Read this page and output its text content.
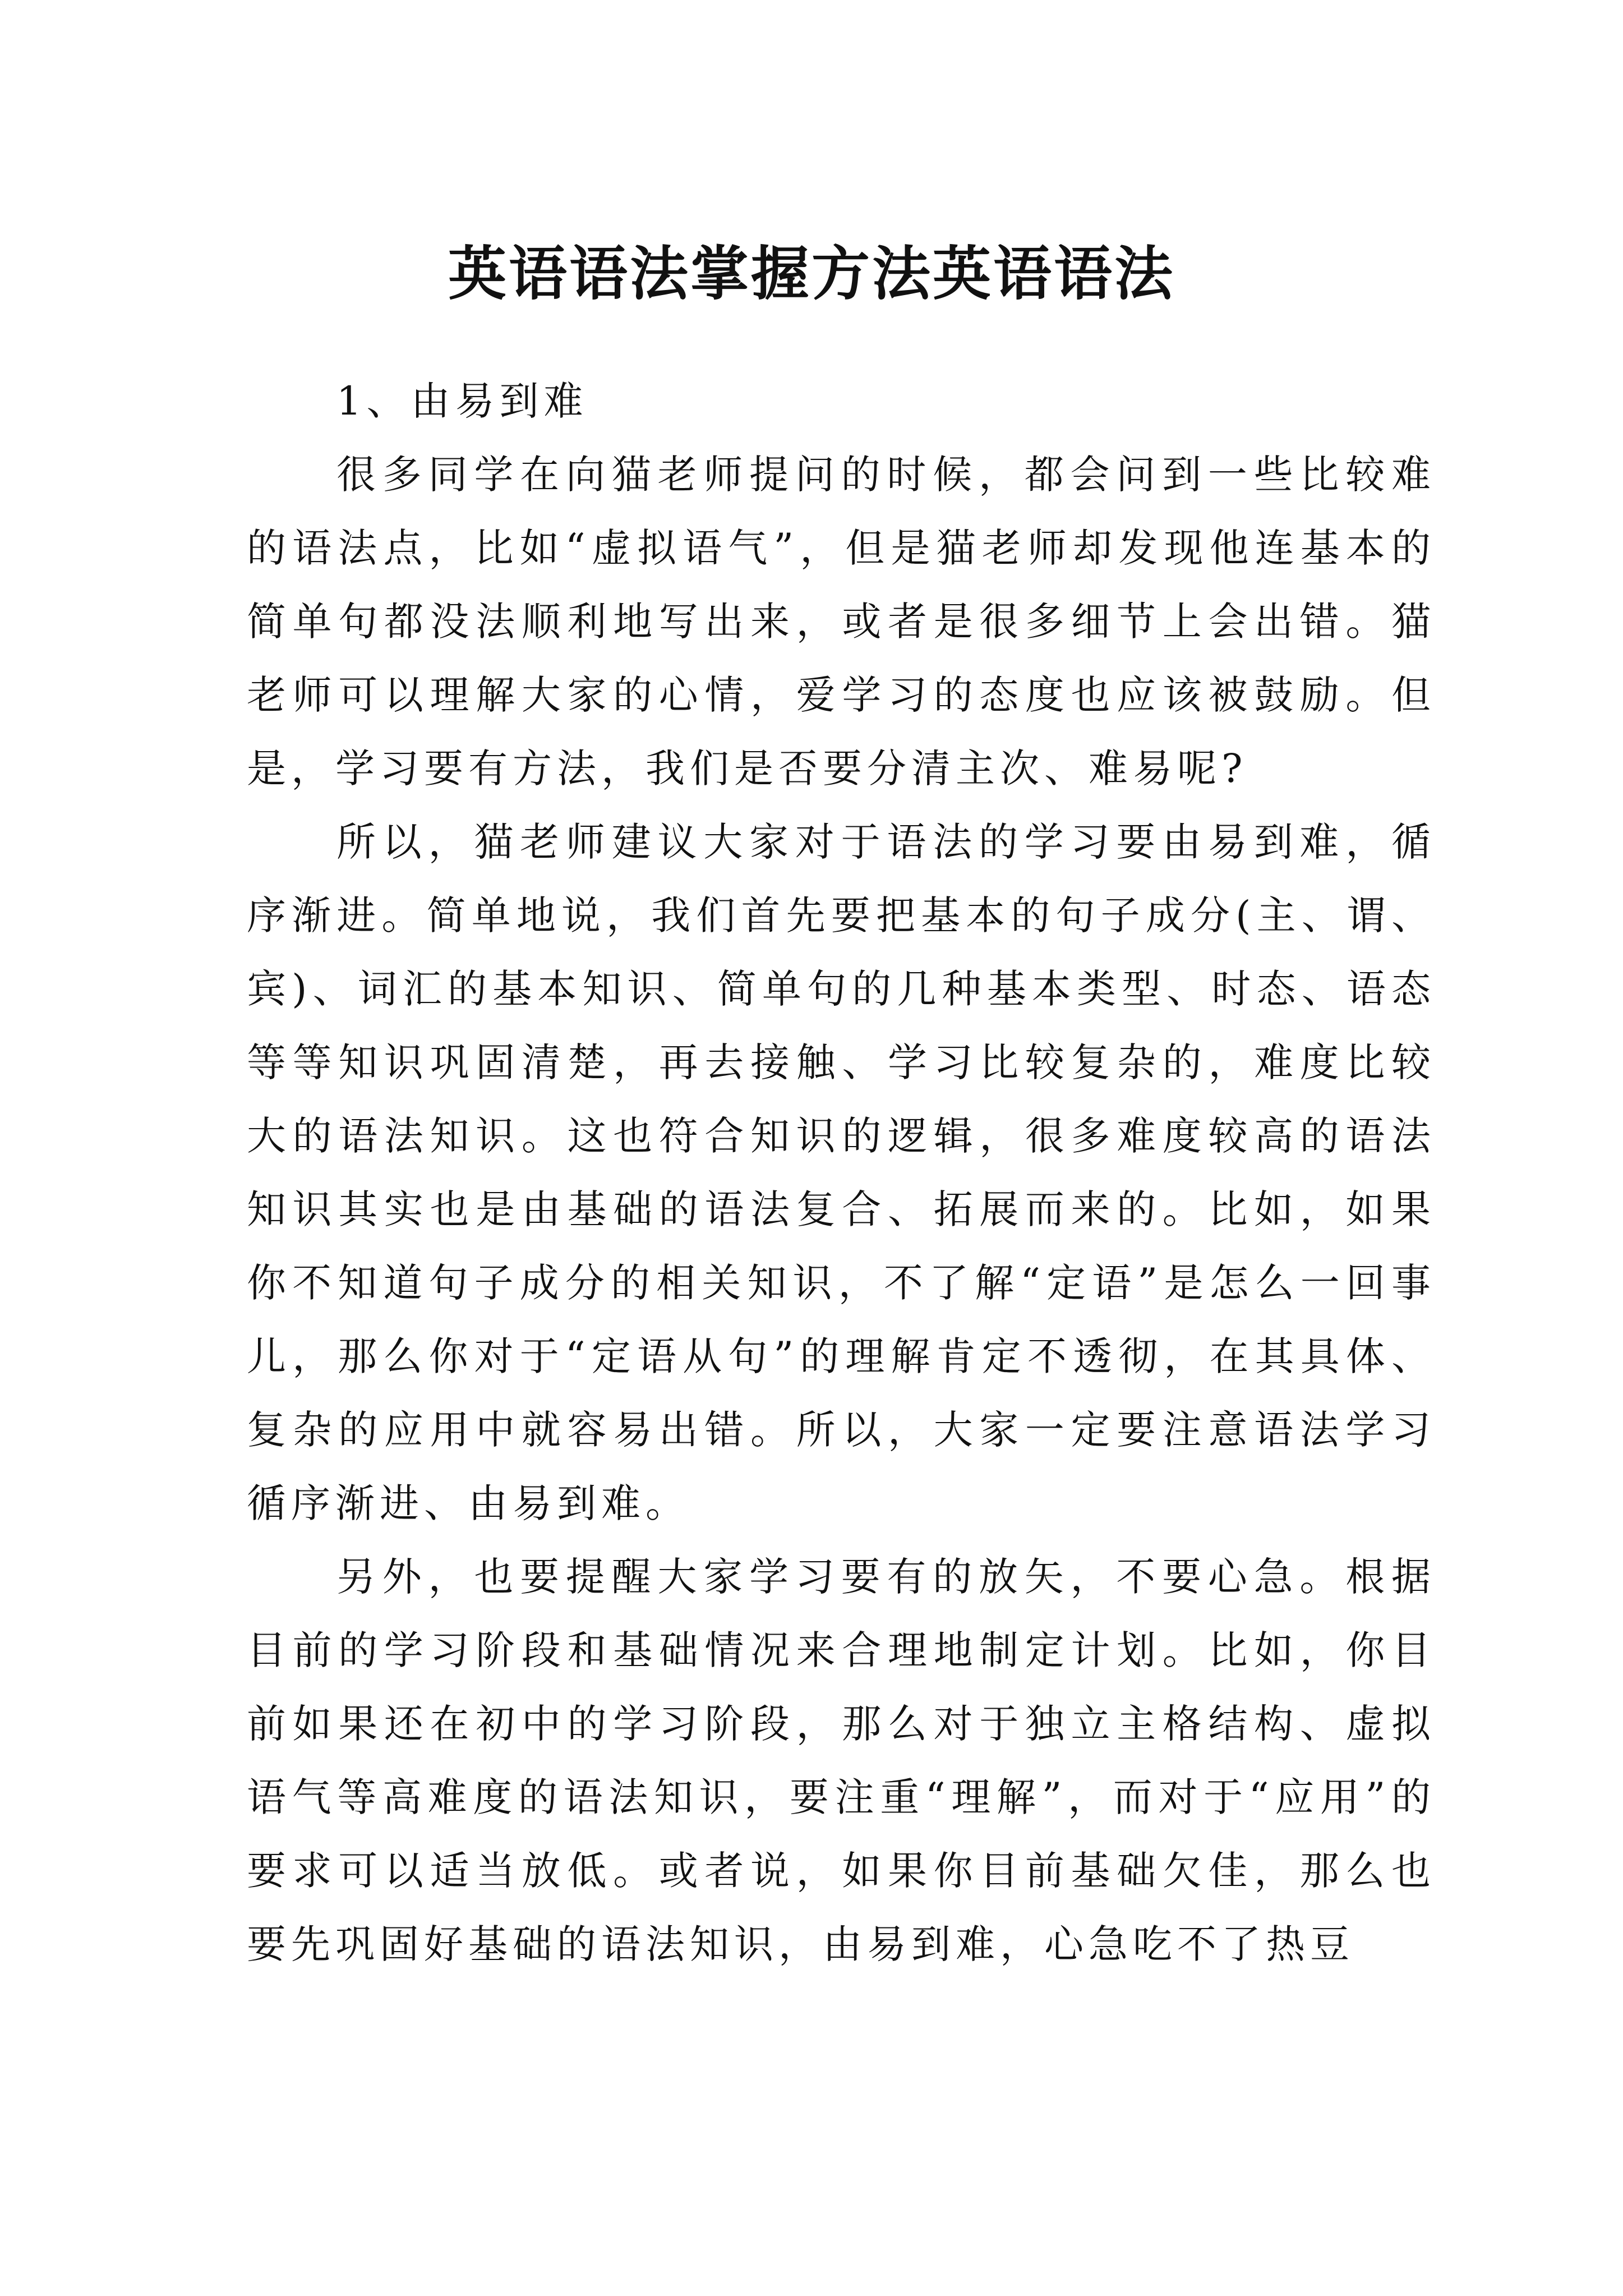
英语语法掌握方法英语语法

1、由易到难

很多同学在向猫老师提问的时候，都会问到一些比较难的语法点，比如“虚拟语气”，但是猫老师却发现他连基本的简单句都没法顺利地写出来，或者是很多细节上会出错。猫老师可以理解大家的心情，爱学习的态度也应该被鼓励。但是，学习要有方法，我们是否要分清主次、难易呢?

所以，猫老师建议大家对于语法的学习要由易到难，循序渐进。简单地说，我们首先要把基本的句子成分(主、谓、宾)、词汇的基本知识、简单句的几种基本类型、时态、语态等等知识巩固清楚，再去接触、学习比较复杂的，难度比较大的语法知识。这也符合知识的逻辑，很多难度较高的语法知识其实也是由基础的语法复合、拓展而来的。比如，如果你不知道句子成分的相关知识，不了解“定语”是怎么一回事儿，那么你对于“定语从句”的理解肯定不透彻，在其具体、复杂的应用中就容易出错。所以，大家一定要注意语法学习循序渐进、由易到难。

另外，也要提醒大家学习要有的放矢，不要心急。根据目前的学习阶段和基础情况来合理地制定计划。比如，你目前如果还在初中的学习阶段，那么对于独立主格结构、虚拟语气等高难度的语法知识，要注重“理解”，而对于“应用”的要求可以适当放低。或者说，如果你目前基础欠佳，那么也要先巩固好基础的语法知识，由易到难，心急吃不了热豆
